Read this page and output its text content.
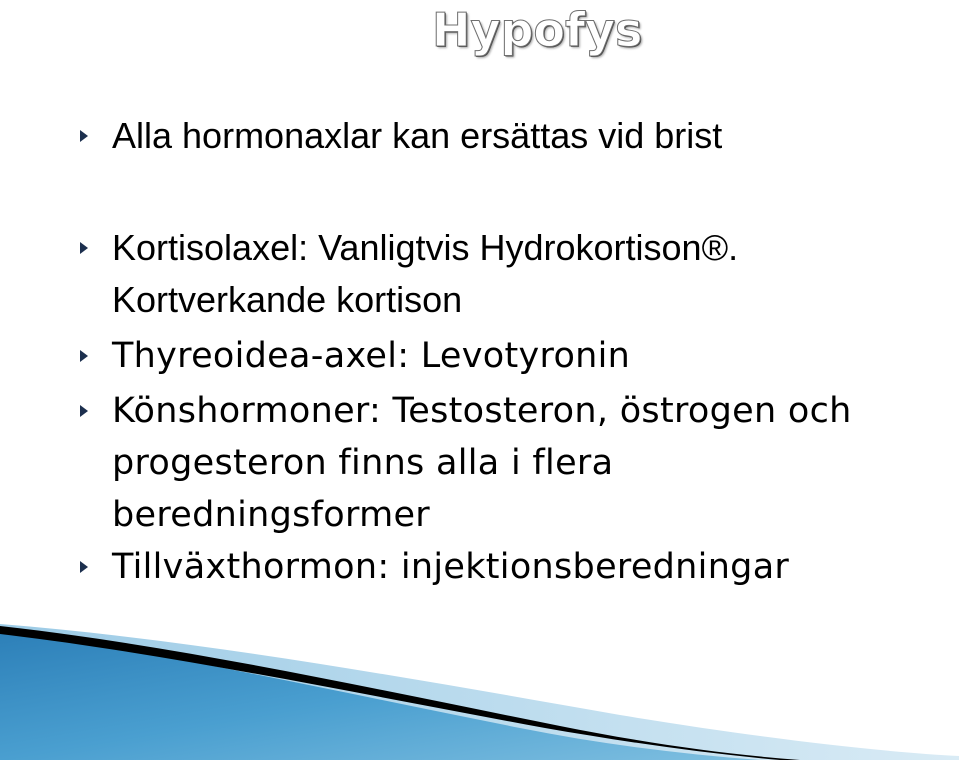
Hypofys
Alla hormonaxlar kan ersättas vid brist
Kortisolaxel: Vanligtvis Hydrokortison®.
Kortverkande kortison
Thyreoidea-axel: Levotyronin
Könshormoner: Testosteron, östrogen och
progesteron finns alla i flera
beredningsformer
Tillväxthormon: injektionsberedningar
